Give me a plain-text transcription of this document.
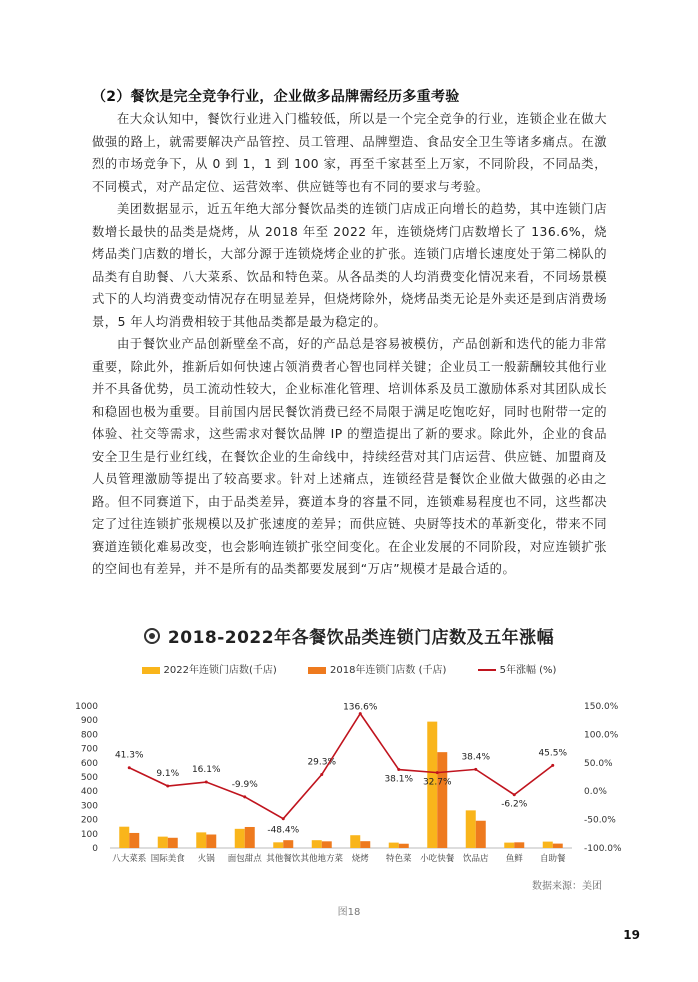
（2）餐饮是完全竞争行业，企业做多品牌需经历多重考验

在大众认知中，餐饮行业进入门槛较低，所以是一个完全竞争的行业，连锁企业在做大做强的路上，就需要解决产品管控、员工管理、品牌塑造、食品安全卫生等诸多痛点。在激烈的市场竞争下，从 0 到 1，1 到 100 家，再至千家甚至上万家，不同阶段，不同品类，不同模式，对产品定位、运营效率、供应链等也有不同的要求与考验。

美团数据显示，近五年绝大部分餐饮品类的连锁门店成正向增长的趋势，其中连锁门店数增长最快的品类是烧烤，从 2018 年至 2022 年，连锁烧烤门店数增长了 136.6%，烧烤品类门店数的增长，大部分源于连锁烧烤企业的扩张。连锁门店增长速度处于第二梯队的品类有自助餐、八大菜系、饮品和特色菜。从各品类的人均消费变化情况来看，不同场景模式下的人均消费变动情况存在明显差异，但烧烤除外，烧烤品类无论是外卖还是到店消费场景，5 年人均消费相较于其他品类都是最为稳定的。

由于餐饮业产品创新壁垒不高，好的产品总是容易被模仿，产品创新和迭代的能力非常重要，除此外，推新后如何快速占领消费者心智也同样关键；企业员工一般薪酬较其他行业并不具备优势，员工流动性较大，企业标准化管理、培训体系及员工激励体系对其团队成长和稳固也极为重要。目前国内居民餐饮消费已经不局限于满足吃饱吃好，同时也附带一定的体验、社交等需求，这些需求对餐饮品牌 IP 的塑造提出了新的要求。除此外，企业的食品安全卫生是行业红线，在餐饮企业的生命线中，持续经营对其门店运营、供应链、加盟商及人员管理激励等提出了较高要求。针对上述痛点，连锁经营是餐饮企业做大做强的必由之路。但不同赛道下，由于品类差异，赛道本身的容量不同，连锁难易程度也不同，这些都决定了过往连锁扩张规模以及扩张速度的差异；而供应链、央厨等技术的革新变化，带来不同赛道连锁化难易改变，也会影响连锁扩张空间变化。在企业发展的不同阶段，对应连锁扩张的空间也有差异，并不是所有的品类都要发展到“万店”规模才是最合适的。

2018-2022年各餐饮品类连锁门店数及五年涨幅
2022年连锁门店数(千店)	2018年连锁门店数 (千店)	5年涨幅 (%)
0
100
200
300
400
500
600
700
800
900
1000
-100.0%
-50.0%
0.0%
50.0%
100.0%
150.0%
八大菜系 国际美食 火锅 面包甜点 其他餐饮 其他地方菜 烧烤 特色菜 小吃快餐 饮品店 鱼鲜 自助餐
41.3%
9.1% 16.1%
-9.9%
-48.4%
29.3%
136.6%
38.1% 32.7%
38.4%
-6.2%
45.5%
数据来源：美团
图18
19
